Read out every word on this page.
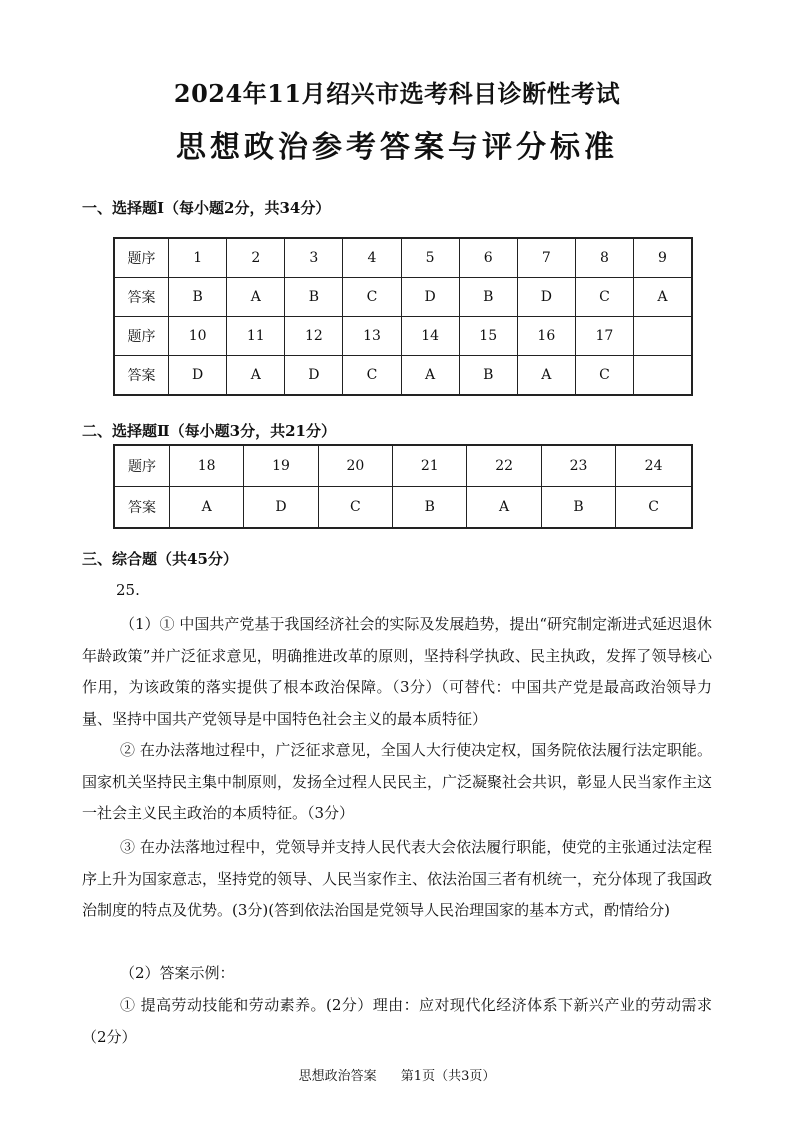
2024年11月绍兴市选考科目诊断性考试
思想政治参考答案与评分标准
一、选择题Ⅰ（每小题2分，共34分）
题序	1	2	3	4	5	6	7	8	9
答案	B	A	B	C	D	B	D	C	A
题序	10	11	12	13	14	15	16	17	
答案	D	A	D	C	A	B	A	C	
二、选择题Ⅱ（每小题3分，共21分）
题序	18	19	20	21	22	23	24
答案	A	D	C	B	A	B	C
三、综合题（共45分）
25.
（1）① 中国共产党基于我国经济社会的实际及发展趋势，提出“研究制定渐进式延迟退休年龄政策”并广泛征求意见，明确推进改革的原则，坚持科学执政、民主执政，发挥了领导核心作用，为该政策的落实提供了根本政治保障。（3分）（可替代：中国共产党是最高政治领导力量、坚持中国共产党领导是中国特色社会主义的最本质特征）
② 在办法落地过程中，广泛征求意见，全国人大行使决定权，国务院依法履行法定职能。国家机关坚持民主集中制原则，发扬全过程人民民主，广泛凝聚社会共识，彰显人民当家作主这一社会主义民主政治的本质特征。（3分）
③ 在办法落地过程中，党领导并支持人民代表大会依法履行职能，使党的主张通过法定程序上升为国家意志，坚持党的领导、人民当家作主、依法治国三者有机统一，充分体现了我国政治制度的特点及优势。(3分)(答到依法治国是党领导人民治理国家的基本方式，酌情给分)
（2）答案示例：
① 提高劳动技能和劳动素养。(2分）理由：应对现代化经济体系下新兴产业的劳动需求（2分）
思想政治答案 第1页（共3页）
